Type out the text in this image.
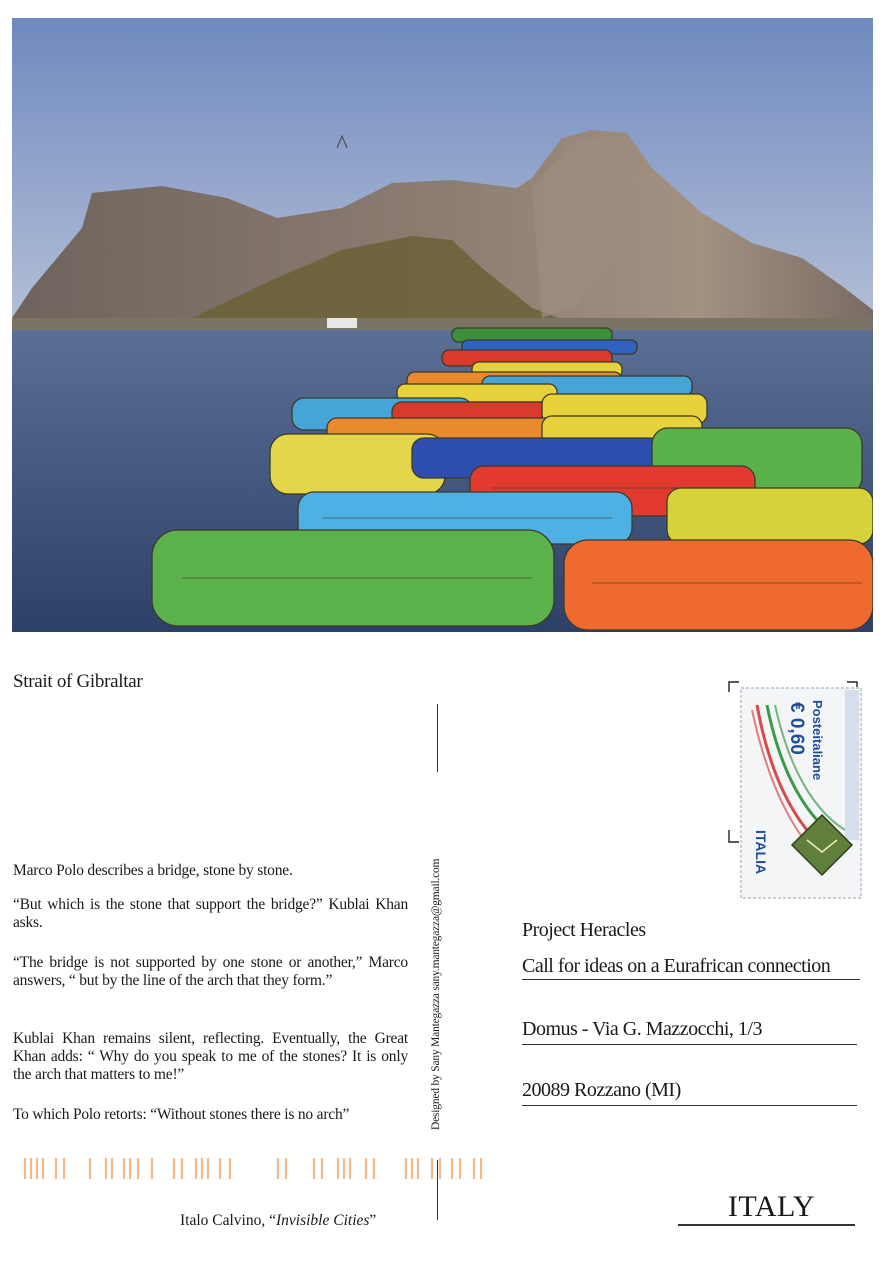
Strait of Gibraltar
Marco Polo describes a bridge, stone by stone.
“But which is the stone that support the bridge?” Kublai Khan asks.
“The bridge is not supported by one stone or another,” Marco answers, “ but by the line of the arch that they form.”
Kublai Khan remains silent, reflecting. Eventually, the Great Khan adds: “ Why do you speak to me of the stones? It is only the arch that matters to me!”
To which Polo retorts: “Without stones there is no arch”	Designed by Sany Mantegazza sany.mantegazza@gmail.com
Italo Calvino, “Invisible Cities”
Posteitaliane
€ 0,60
ITALIA
Project Heracles
Call for ideas on a Eurafrican connection
Domus - Via G. Mazzocchi, 1/3
20089 Rozzano (MI)
ITALY
